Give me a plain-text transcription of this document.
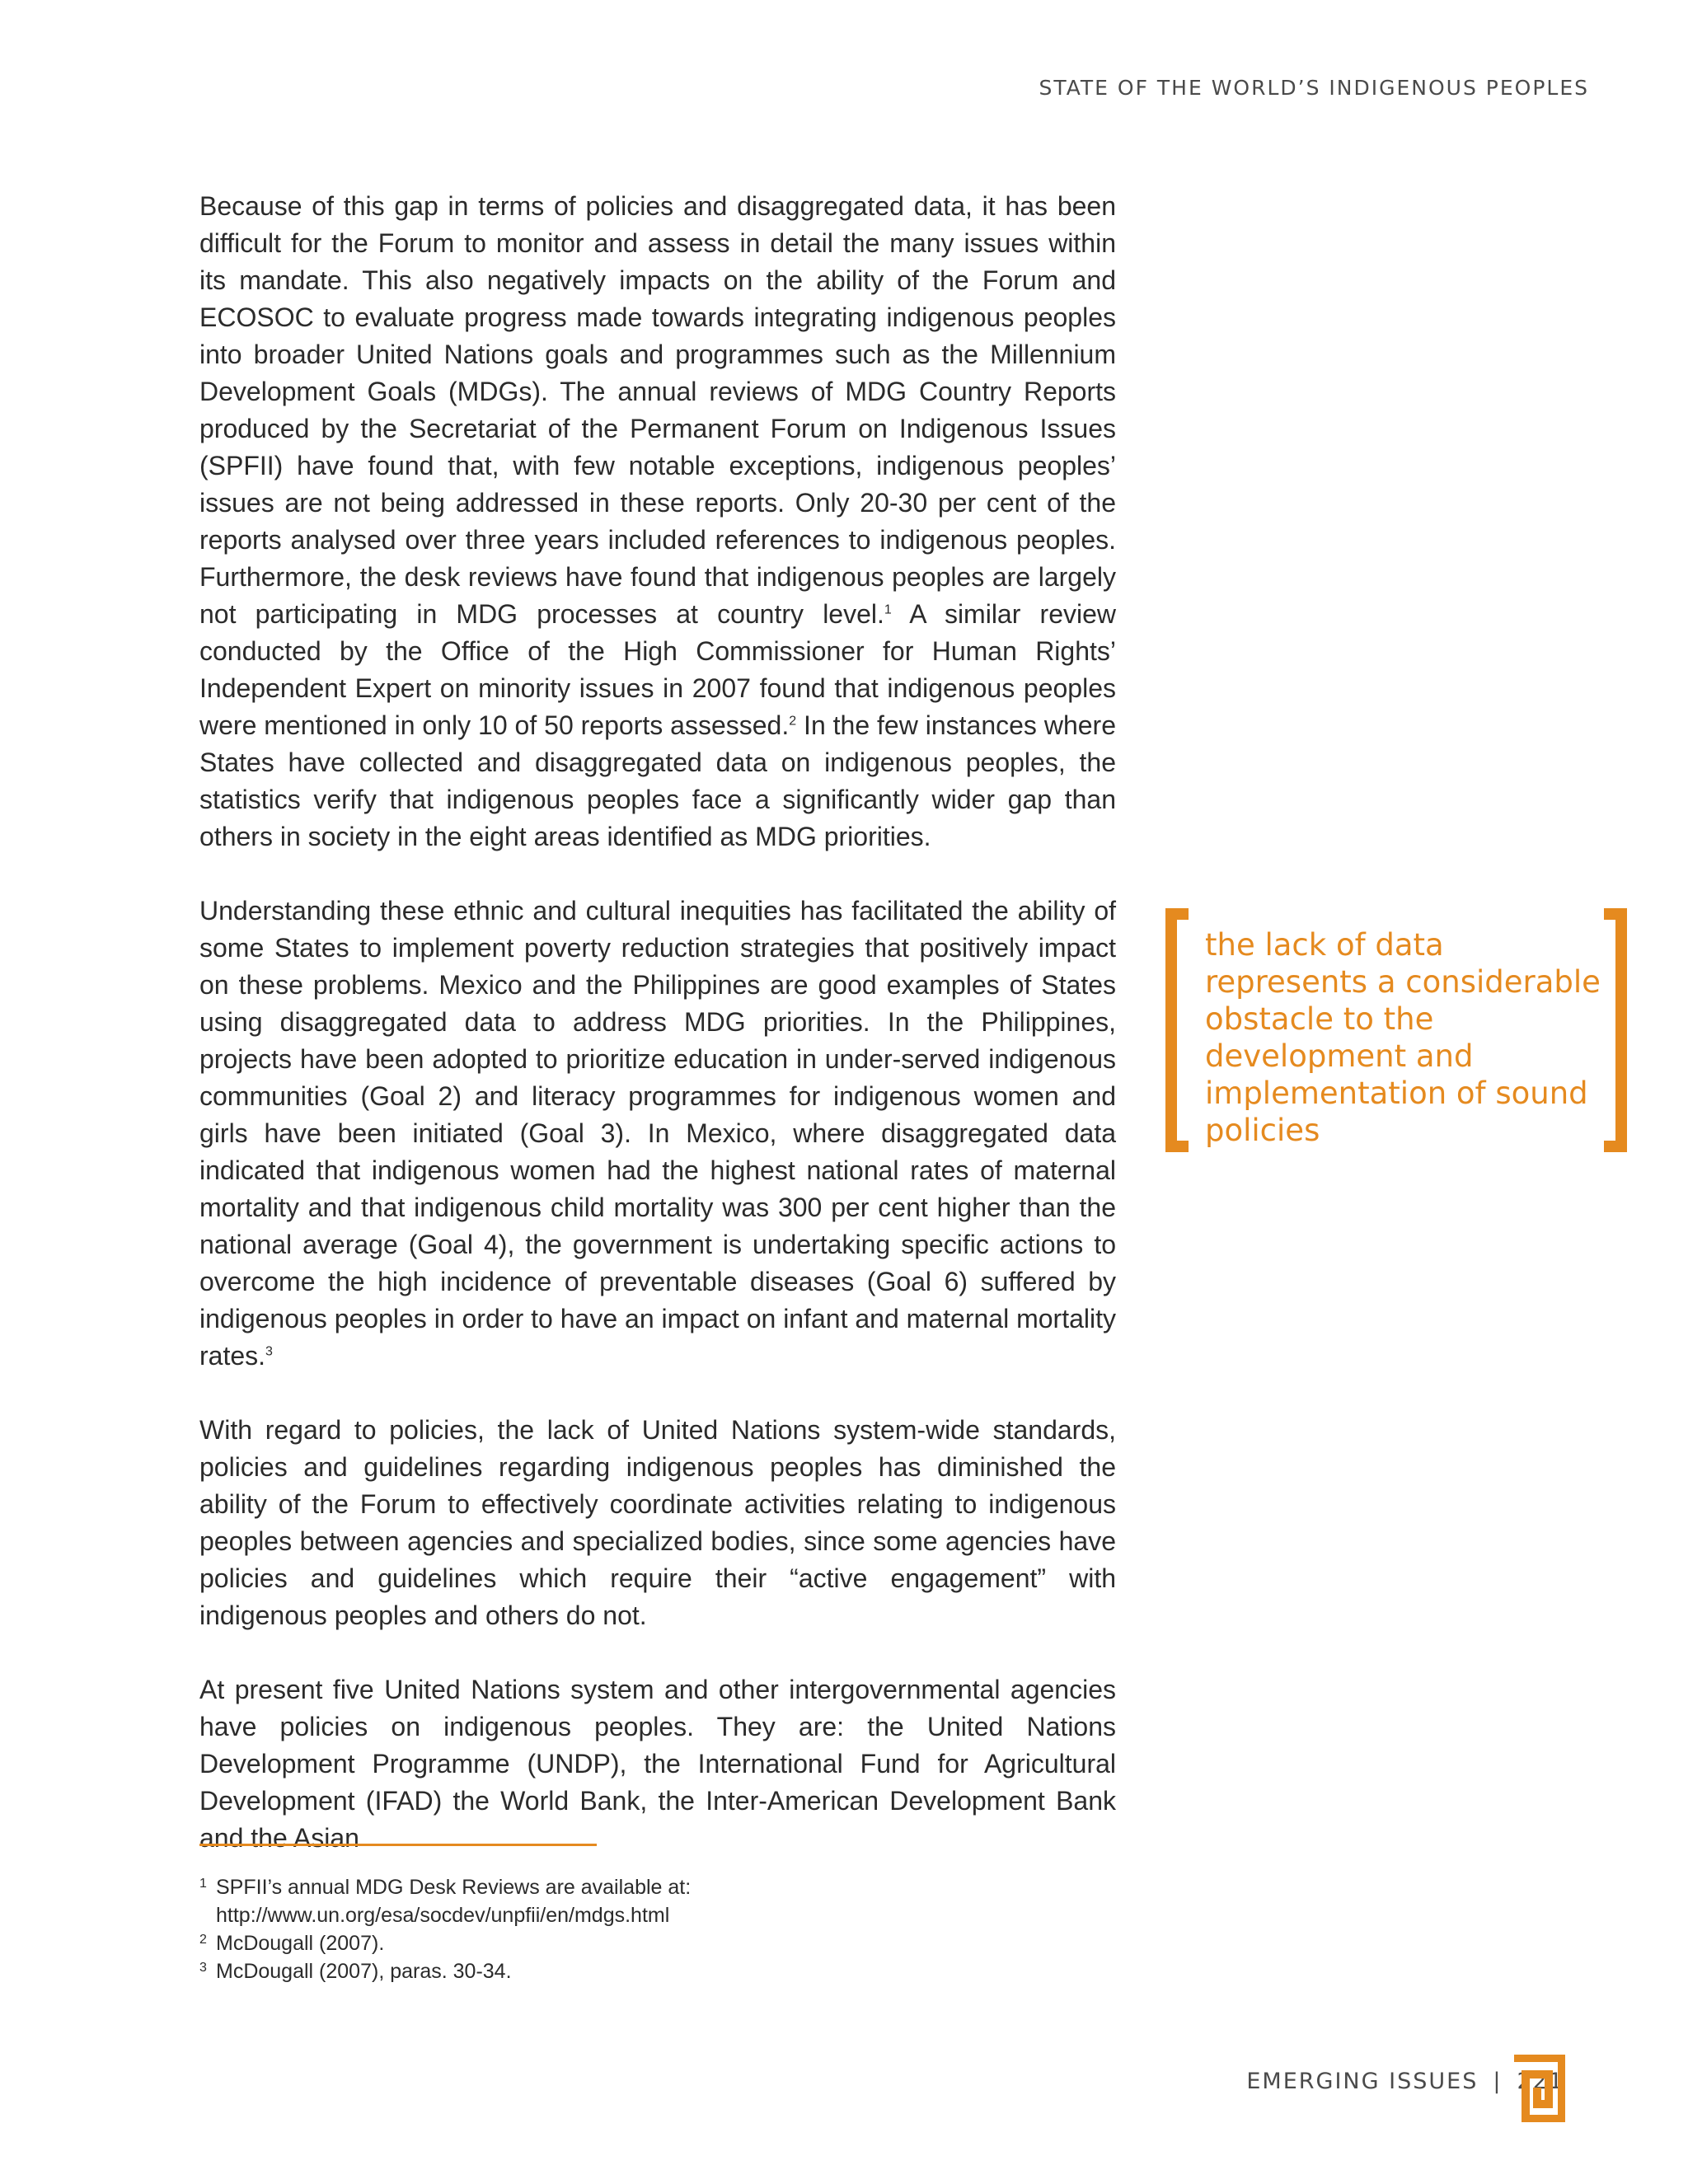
STATE OF THE WORLD’S INDIGENOUS PEOPLES

Because of this gap in terms of policies and disaggregated data, it has been difficult for the Forum to monitor and assess in detail the many issues within its mandate. This also negatively impacts on the ability of the Forum and ECOSOC to evaluate progress made towards integrating indigenous peoples into broader United Nations goals and programmes such as the Millennium Development Goals (MDGs). The annual reviews of MDG Country Reports produced by the Secretariat of the Permanent Forum on Indigenous Issues (SPFII) have found that, with few notable exceptions, indigenous peoples’ issues are not being addressed in these reports. Only 20-30 per cent of the reports analysed over three years included references to indigenous peoples. Furthermore, the desk reviews have found that indigenous peoples are largely not participating in MDG processes at country level.$^1$ A similar review conducted by the Office of the High Commissioner for Human Rights’ Independent Expert on minority issues in 2007 found that indigenous peoples were mentioned in only 10 of 50 reports assessed.$^2$ In the few instances where States have collected and disaggregated data on indigenous peoples, the statistics verify that indigenous peoples face a significantly wider gap than others in society in the eight areas identified as MDG priorities.

Understanding these ethnic and cultural inequities has facilitated the ability of some States to implement poverty reduction strategies that positively impact on these problems. Mexico and the Philippines are good examples of States using disaggregated data to address MDG priorities. In the Philippines, projects have been adopted to prioritize education in under-served indigenous communities (Goal 2) and literacy programmes for indigenous women and girls have been initiated (Goal 3). In Mexico, where disaggregated data indicated that indigenous women had the highest national rates of maternal mortality and that indigenous child mortality was 300 per cent higher than the national average (Goal 4), the government is undertaking specific actions to overcome the high incidence of preventable diseases (Goal 6) suffered by indigenous peoples in order to have an impact on infant and maternal mortality rates.$^3$

With regard to policies, the lack of United Nations system-wide standards, policies and guidelines regarding indigenous peoples has diminished the ability of the Forum to effectively coordinate activities relating to indigenous peoples between agencies and specialized bodies, since some agencies have policies and guidelines which require their “active engagement” with indigenous peoples and others do not.

At present five United Nations system and other intergovernmental agencies have policies on indigenous peoples. They are: the United Nations Development Programme (UNDP), the International Fund for Agricultural Development (IFAD) the World Bank, the Inter-American Development Bank and the Asian

the lack of data represents a considerable obstacle to the development and implementation of sound policies
1 SPFII’s annual MDG Desk Reviews are available at: http://www.un.org/esa/socdev/unpfii/en/mdgs.html
2 McDougall (2007).
3 McDougall (2007), paras. 30-34.
EMERGING ISSUES | 221
